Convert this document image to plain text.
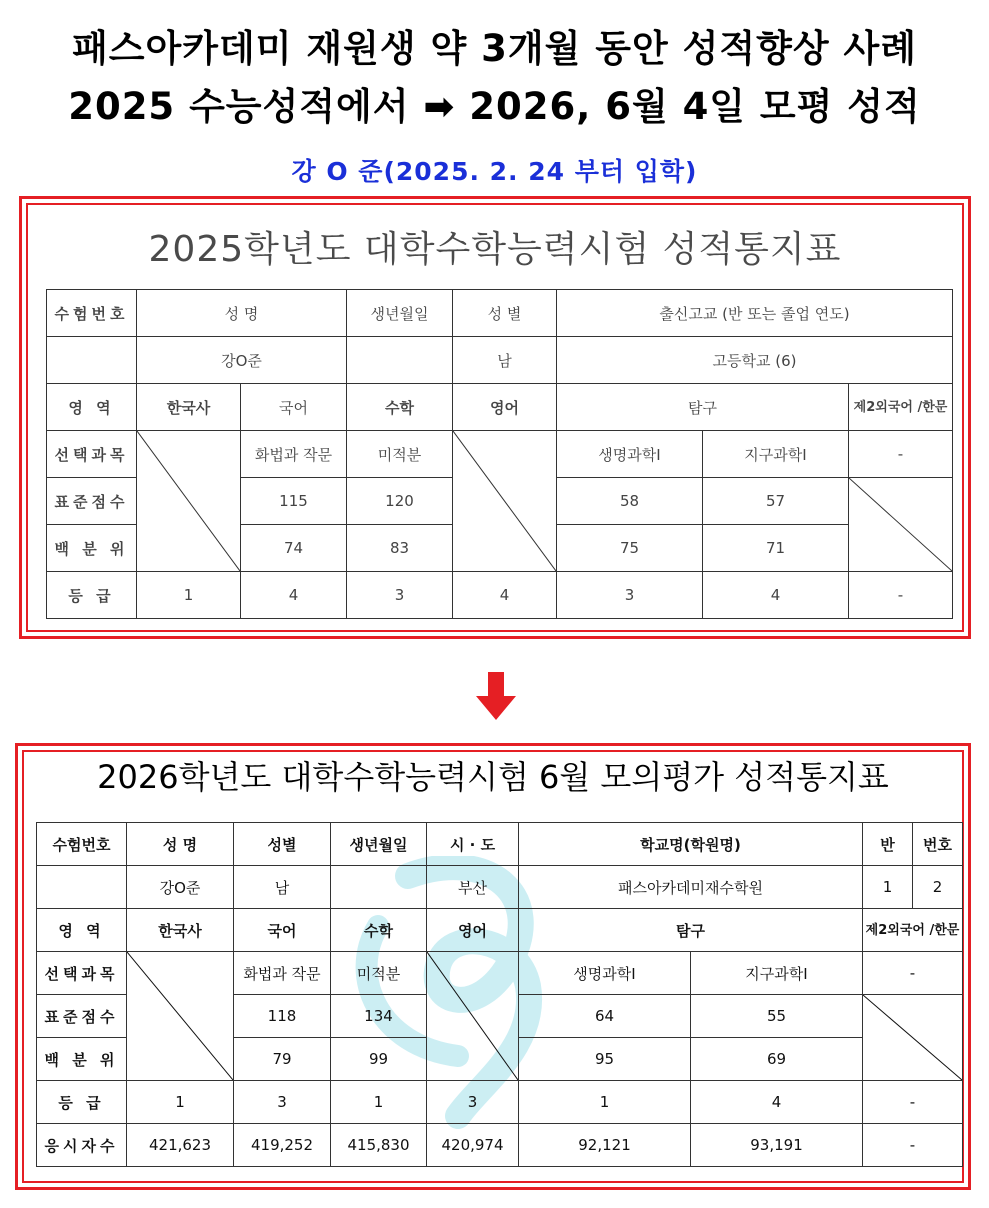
패스아카데미 재원생 약 3개월 동안 성적향상 사례
2025 수능성적에서 ➡ 2026, 6월 4일 모평 성적
강 O 준(2025. 2. 24 부터 입학)
2025학년도 대학수학능력시험 성적통지표
수험번호	성 명		생년월일	성 별	출신고교 (반 또는 졸업 연도)		
	강O준			남	고등학교 (6)		
영 역	한국사	국어	수학	영어	탐구		제2외국어 /한문
선택과목		화법과 작문	미적분		생명과학Ⅰ	지구과학Ⅰ	-
표준점수		115	120		58	57	

백 분 위		74	83		75	71	
등 급	1	4	3	4	3	4	-
2026학년도 대학수학능력시험 6월 모의평가 성적통지표
수험번호	성 명	성별	생년월일	시 · 도	학교명(학원명)		반	번호
	강O준	남		부산	패스아카데미재수학원		1	2
영 역	한국사	국어	수학	영어	탐구		제2외국어 /한문	
선택과목		화법과 작문	미적분		생명과학Ⅰ	지구과학Ⅰ	-	
표준점수		118	134		64	55	

백 분 위		79	99		95	69		
등 급	1	3	1	3	1	4	-	
응시자수	421,623	419,252	415,830	420,974	92,121	93,191	-	
